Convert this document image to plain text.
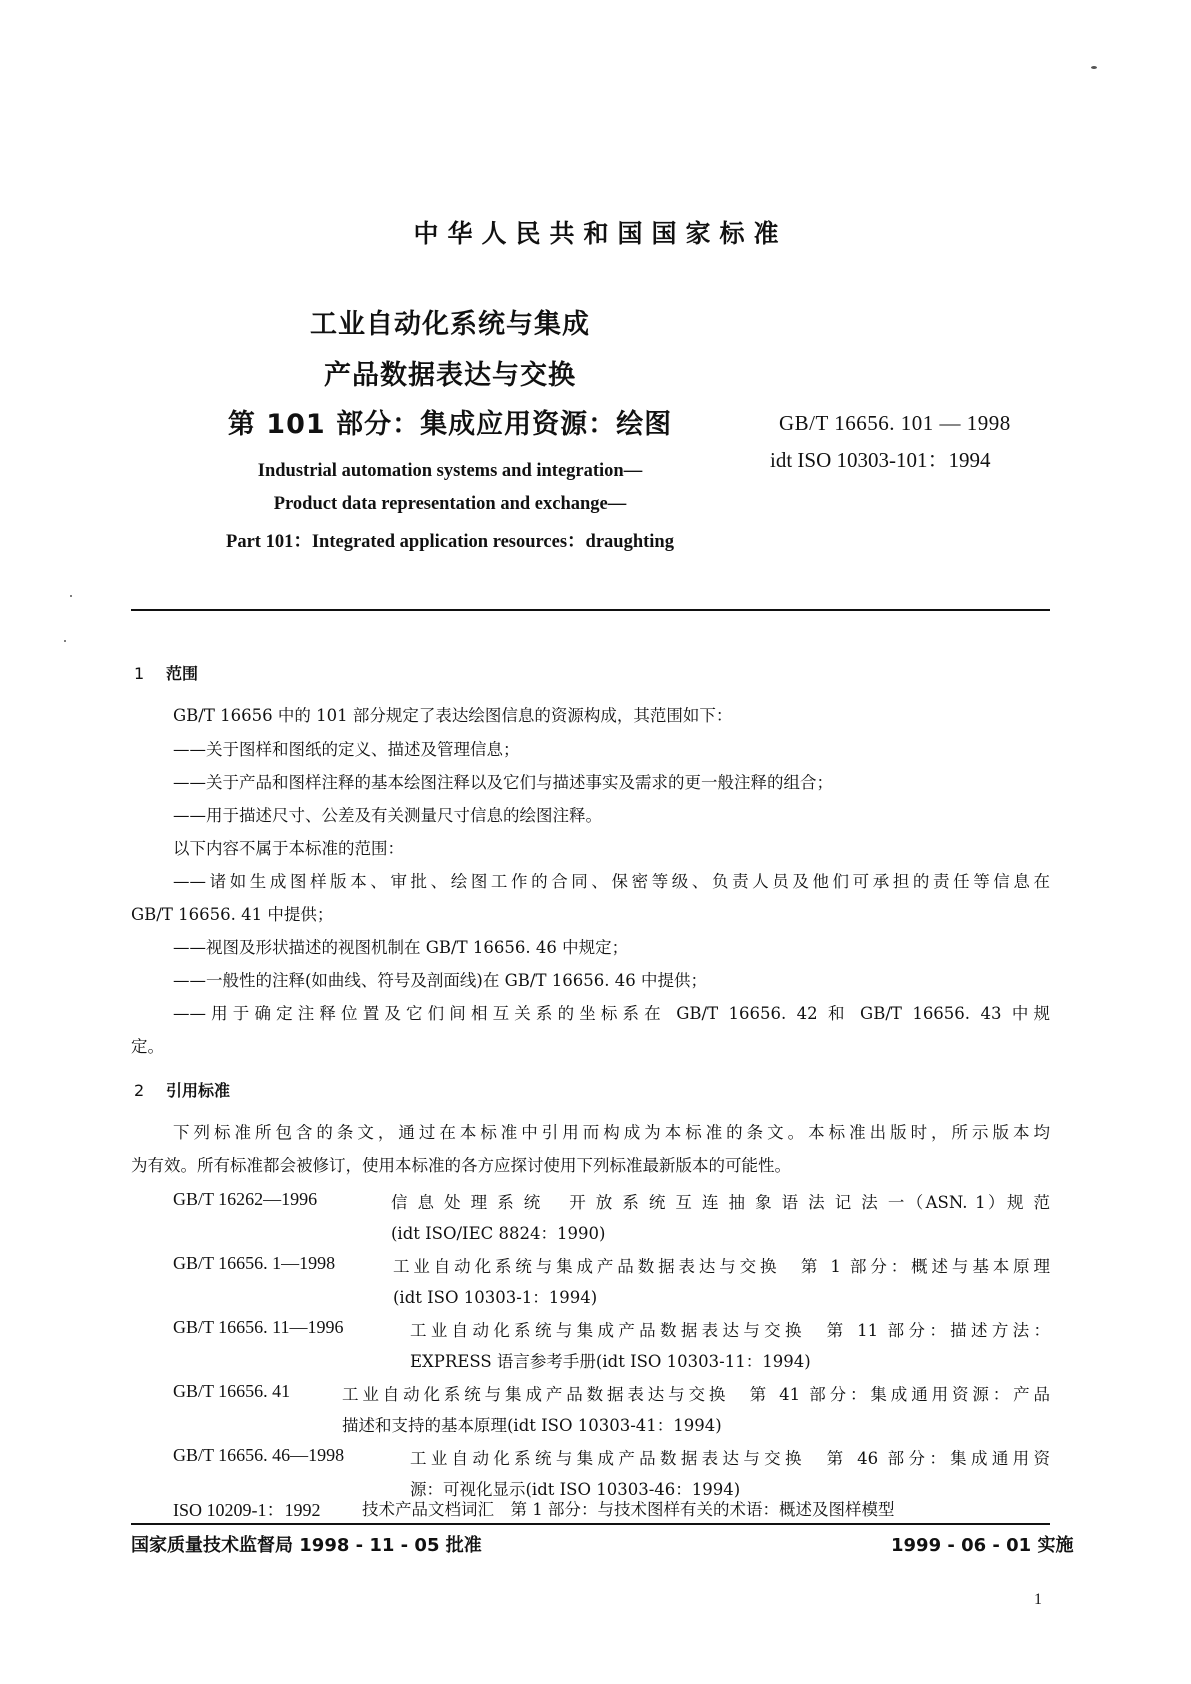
中华人民共和国国家标准
工业自动化系统与集成
产品数据表达与交换
第 101 部分：集成应用资源：绘图	GB/T 16656. 101 — 1998
idt ISO 10303-101：1994
Industrial automation systems and integration—
Product data representation and exchange—
Part 101：Integrated application resources：draughting
1 范围
GB/T 16656 中的 101 部分规定了表达绘图信息的资源构成，其范围如下：
——关于图样和图纸的定义、描述及管理信息；
——关于产品和图样注释的基本绘图注释以及它们与描述事实及需求的更一般注释的组合；
——用于描述尺寸、公差及有关测量尺寸信息的绘图注释。
以下内容不属于本标准的范围：
——诸如生成图样版本、审批、绘图工作的合同、保密等级、负责人员及他们可承担的责任等信息在
GB/T 16656. 41 中提供；
——视图及形状描述的视图机制在 GB/T 16656. 46 中规定；
——一般性的注释(如曲线、符号及剖面线)在 GB/T 16656. 46 中提供；
——用于确定注释位置及它们间相互关系的坐标系在 GB/T 16656. 42 和 GB/T 16656. 43 中规
定。
2 引用标准
下列标准所包含的条文，通过在本标准中引用而构成为本标准的条文。本标准出版时，所示版本均
为有效。所有标准都会被修订，使用本标准的各方应探讨使用下列标准最新版本的可能性。
GB/T 16262—1996	信 息 处 理 系 统　 开 放 系 统 互 连 抽 象 语 法 记 法 一（ASN. 1）规 范
(idt ISO/IEC 8824：1990)
GB/T 16656. 1—1998	工业自动化系统与集成产品数据表达与交换　第 1 部分：概述与基本原理
(idt ISO 10303-1：1994)
GB/T 16656. 11—1996	工业自动化系统与集成产品数据表达与交换　第 11 部分：描述方法：
EXPRESS 语言参考手册(idt ISO 10303-11：1994)
GB/T 16656. 41	工业自动化系统与集成产品数据表达与交换　第 41 部分：集成通用资源：产品
描述和支持的基本原理(idt ISO 10303-41：1994)
GB/T 16656. 46—1998	工业自动化系统与集成产品数据表达与交换　第 46 部分：集成通用资
源：可视化显示(idt ISO 10303-46：1994)
ISO 10209-1：1992	技术产品文档词汇　第 1 部分：与技术图样有关的术语：概述及图样模型
国家质量技术监督局 1998 - 11 - 05 批准	1999 - 06 - 01 实施
1
